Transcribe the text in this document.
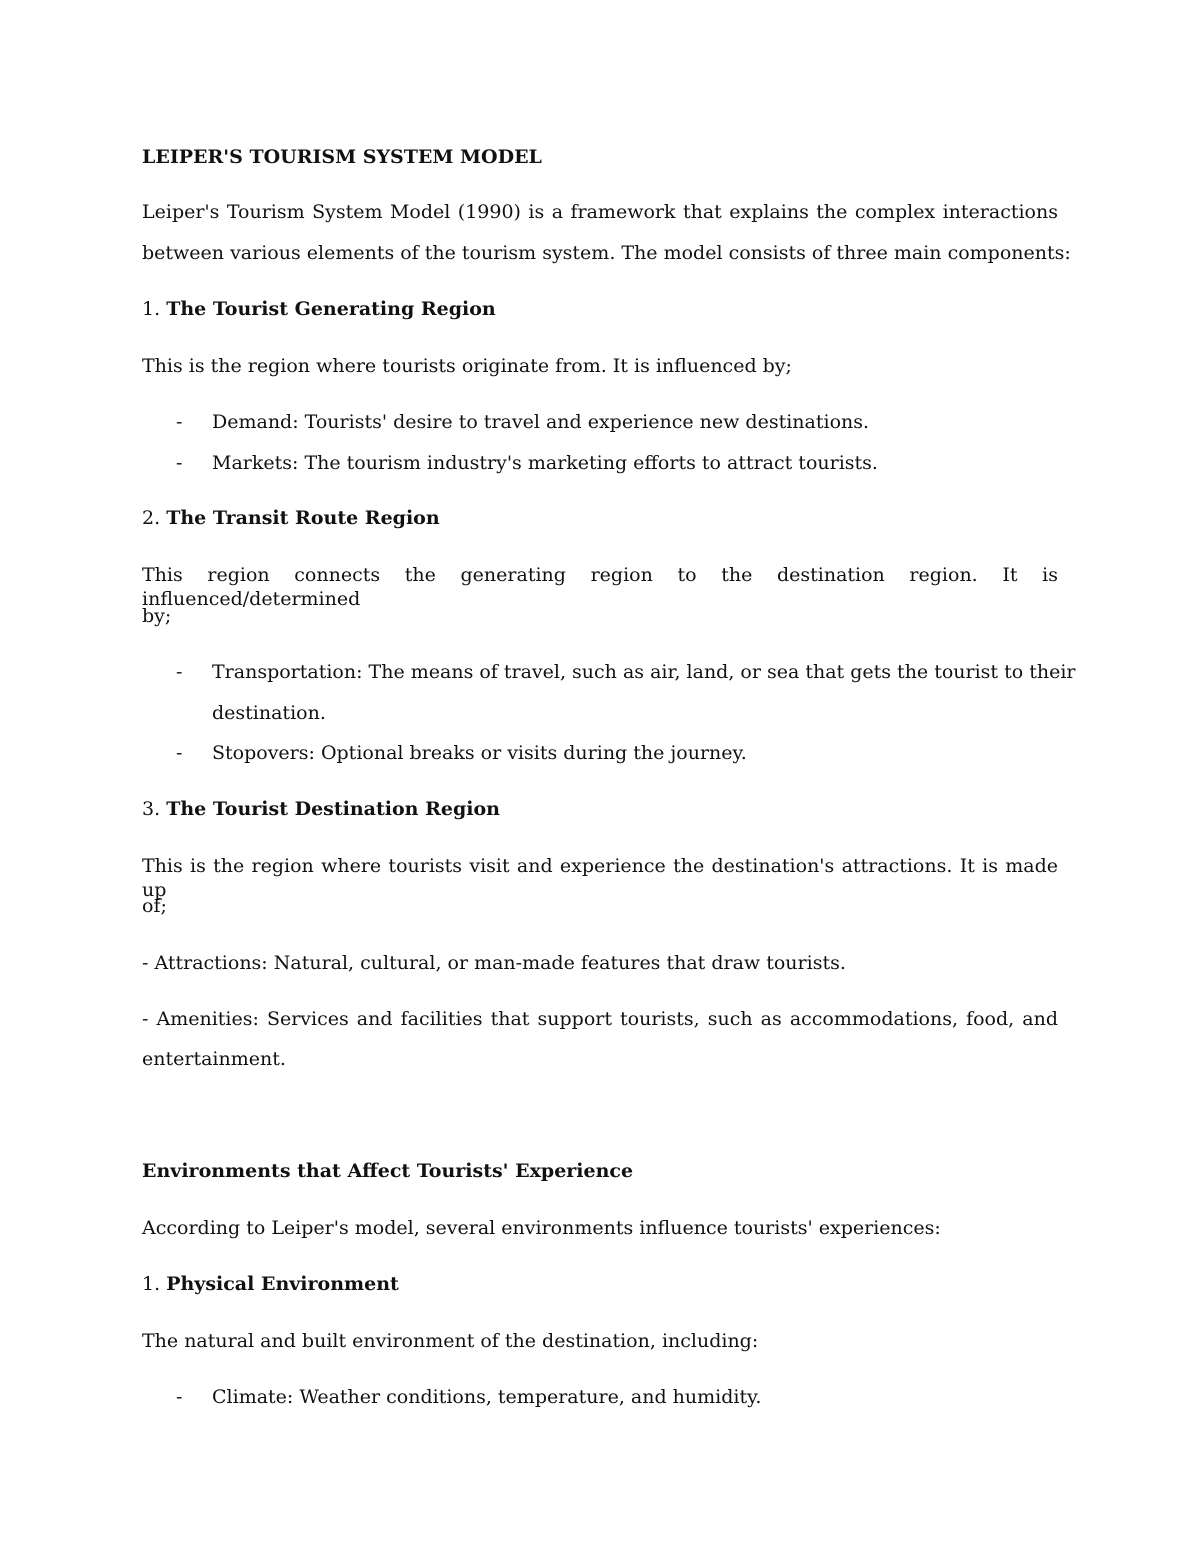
LEIPER'S TOURISM SYSTEM MODEL
Leiper's Tourism System Model (1990) is a framework that explains the complex interactions
between various elements of the tourism system. The model consists of three main components:
1. The Tourist Generating Region
This is the region where tourists originate from. It is influenced by;
- Demand: Tourists' desire to travel and experience new destinations.
- Markets: The tourism industry's marketing efforts to attract tourists.
2. The Transit Route Region
This region connects the generating region to the destination region. It is influenced/determined
by;
- Transportation: The means of travel, such as air, land, or sea that gets the tourist to their
destination.
- Stopovers: Optional breaks or visits during the journey.
3. The Tourist Destination Region
This is the region where tourists visit and experience the destination's attractions. It is made up
of;
- Attractions: Natural, cultural, or man-made features that draw tourists.
- Amenities: Services and facilities that support tourists, such as accommodations, food, and
entertainment.
Environments that Affect Tourists' Experience
According to Leiper's model, several environments influence tourists' experiences:
1. Physical Environment
The natural and built environment of the destination, including:
- Climate: Weather conditions, temperature, and humidity.
